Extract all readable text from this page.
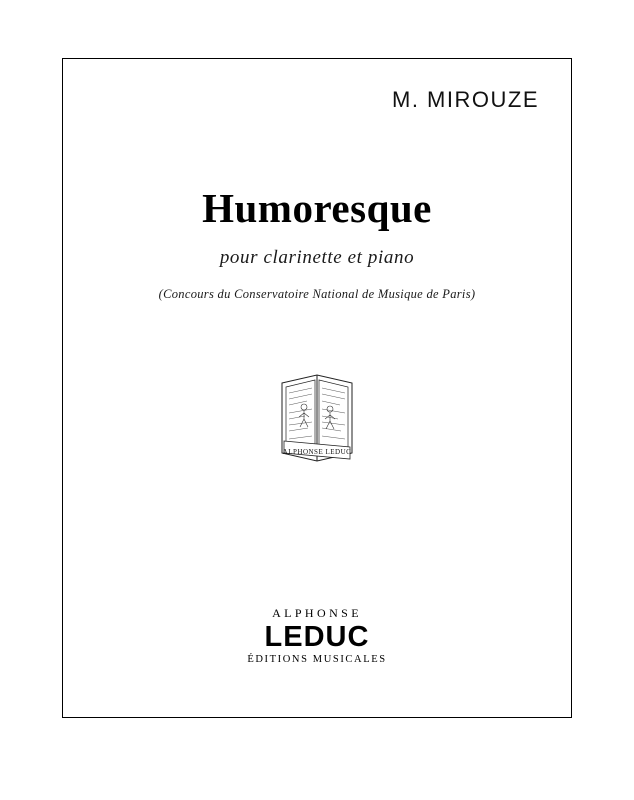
M. MIROUZE
Humoresque
pour clarinette et piano
(Concours du Conservatoire National de Musique de Paris)
ALPHONSE LEDUC
ALPHONSE
LEDUC
ÉDITIONS MUSICALES
